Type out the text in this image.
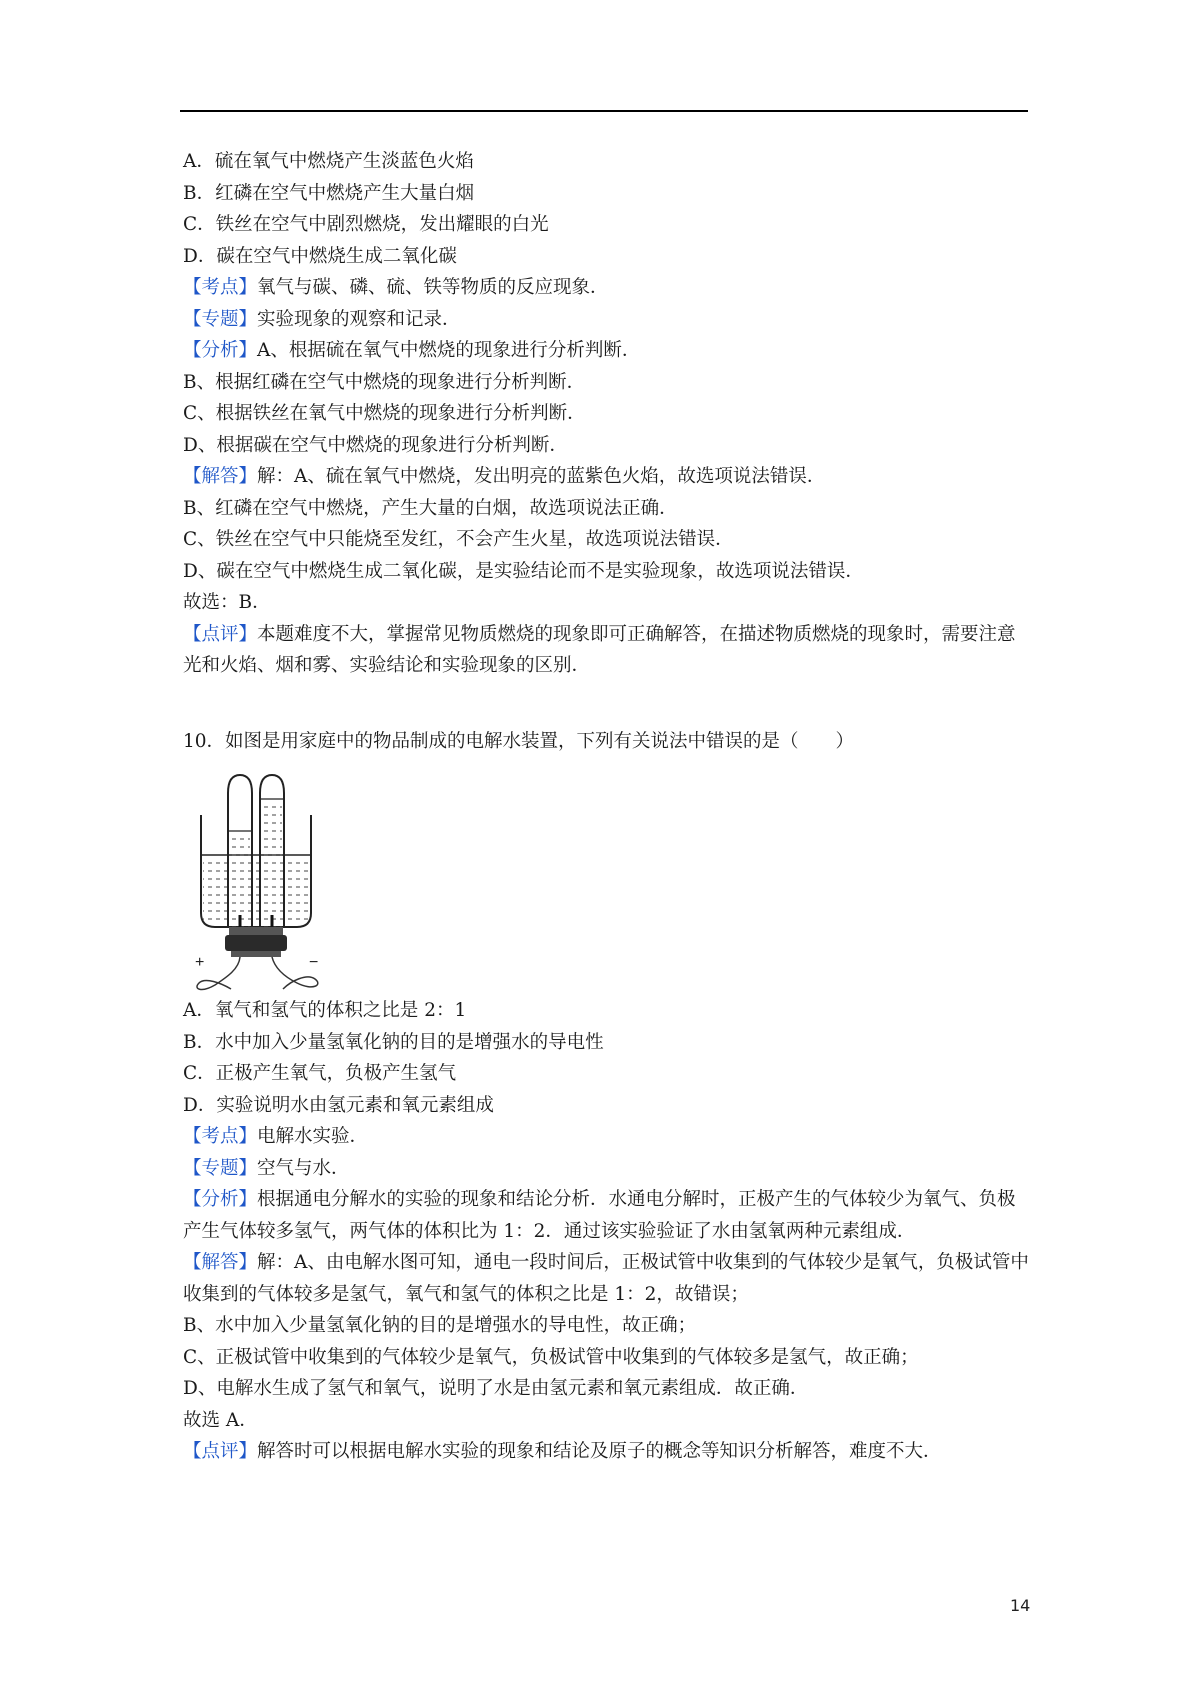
A．硫在氧气中燃烧产生淡蓝色火焰
B．红磷在空气中燃烧产生大量白烟
C．铁丝在空气中剧烈燃烧，发出耀眼的白光
D．碳在空气中燃烧生成二氧化碳
【考点】氧气与碳、磷、硫、铁等物质的反应现象．
【专题】实验现象的观察和记录．
【分析】A、根据硫在氧气中燃烧的现象进行分析判断．
B、根据红磷在空气中燃烧的现象进行分析判断．
C、根据铁丝在氧气中燃烧的现象进行分析判断．
D、根据碳在空气中燃烧的现象进行分析判断．
【解答】解：A、硫在氧气中燃烧，发出明亮的蓝紫色火焰，故选项说法错误．
B、红磷在空气中燃烧，产生大量的白烟，故选项说法正确．
C、铁丝在空气中只能烧至发红，不会产生火星，故选项说法错误．
D、碳在空气中燃烧生成二氧化碳，是实验结论而不是实验现象，故选项说法错误．
故选：B．
【点评】本题难度不大，掌握常见物质燃烧的现象即可正确解答，在描述物质燃烧的现象时，需要注意光和火焰、烟和雾、实验结论和实验现象的区别．
10．如图是用家庭中的物品制成的电解水装置，下列有关说法中错误的是（　　）
+	−
A．氧气和氢气的体积之比是 2：1
B．水中加入少量氢氧化钠的目的是增强水的导电性
C．正极产生氧气，负极产生氢气
D．实验说明水由氢元素和氧元素组成
【考点】电解水实验．
【专题】空气与水．
【分析】根据通电分解水的实验的现象和结论分析．水通电分解时，正极产生的气体较少为氧气、负极产生气体较多氢气，两气体的体积比为 1：2．通过该实验验证了水由氢氧两种元素组成．
【解答】解：A、由电解水图可知，通电一段时间后，正极试管中收集到的气体较少是氧气，负极试管中收集到的气体较多是氢气，氧气和氢气的体积之比是 1：2，故错误；
B、水中加入少量氢氧化钠的目的是增强水的导电性，故正确；
C、正极试管中收集到的气体较少是氧气，负极试管中收集到的气体较多是氢气，故正确；
D、电解水生成了氢气和氧气，说明了水是由氢元素和氧元素组成．故正确．
故选 A．
【点评】解答时可以根据电解水实验的现象和结论及原子的概念等知识分析解答，难度不大．
14
